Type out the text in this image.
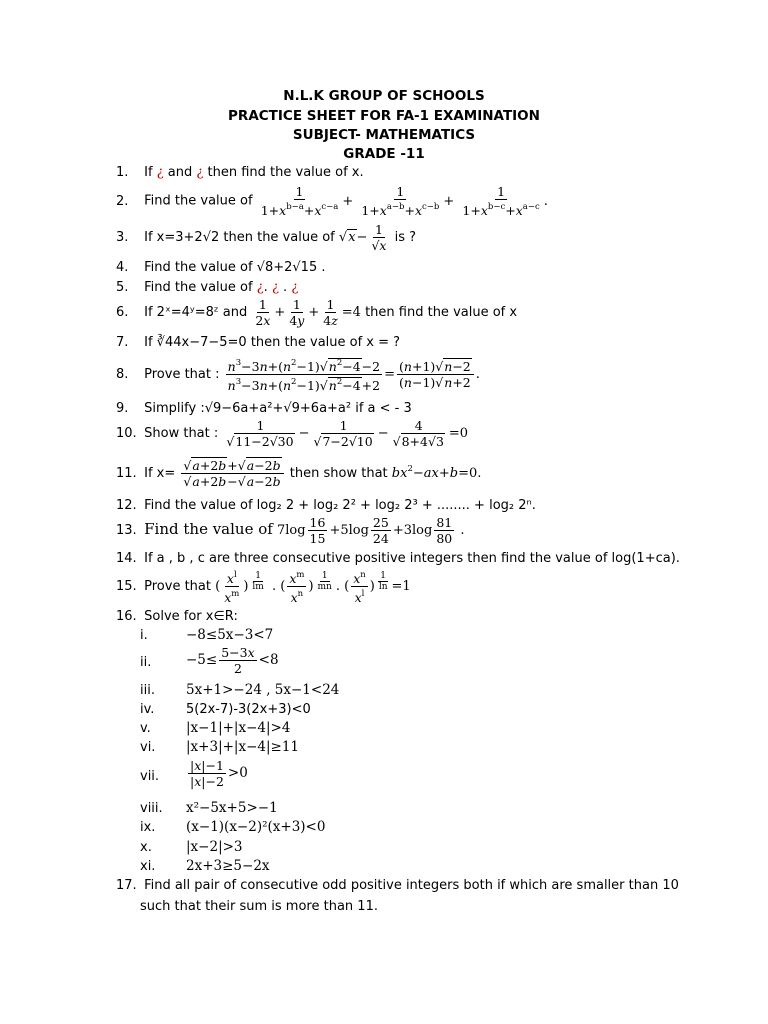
N.L.K GROUP OF SCHOOLS
PRACTICE SHEET FOR FA-1 EXAMINATION
SUBJECT- MATHEMATICS
GRADE -11
1. If ¿ and ¿ then find the value of x.
2. Find the value of $\frac{1}{1+x^{b-a}+x^{c-a}} + \frac{1}{1+x^{a-b}+x^{c-b}} + \frac{1}{1+x^{b-c}+x^{a-c}}$ .
3. If x=3+2√2 then the value of $√x- \frac{1}{√x}$ is ?
4. Find the value of √8+2√15 .
5. Find the value of ¿. ¿ . ¿
6. If 2ˣ=4ʸ=8ᶻ and $\frac{1}{2x} + \frac{1}{4y} + \frac{1}{4z} =4$ then find the value of x
7. If ∛44x−7−5=0 then the value of x = ?
8. Prove that : $\frac{n^3-3n+(n^2-1)√n^2-4-2}{n^3-3n+(n^2-1)√n^2-4+2} = \frac{(n+1)√n-2}{(n-1)√n+2}$ .
9. Simplify :√9−6a+a²+√9+6a+a² if a < - 3
10. Show that : $\frac{1}{√11-2√30} - \frac{1}{√7-2√10} - \frac{4}{√8+4√3} =0$
11. If $x= \frac{√a+2b+√a-2b}{√a+2b-√a-2b}$ then show that $bx^2-ax+b=0$.
12. Find the value of log₂ 2 + log₂ 2² + log₂ 2³ + ........ + log₂ 2ⁿ.
13. Find the value of $7\log \frac{16}{15} +5\log \frac{25}{24} +3\log \frac{81}{80}$ .
14. If a , b , c are three consecutive positive integers then find the value of log(1+ca).
15. Prove that ( $\frac{x^l}{x^m}$ ) $^{\frac{1}{lm}}$ . ( $\frac{x^m}{x^n}$ ) $^{\frac{1}{mn}}$ . ( $\frac{x^n}{x^l}$ ) $^{\frac{1}{\ln}}$ =1
16. Solve for x∈R:
i.	−8≤5x−3<7
ii.	$-5\le \frac{5-3x}{2} <8$
iii. 5x+1>−24 , 5x−1<24
iv. 5(2x-7)-3(2x+3)<0
v.	|x−1|+|x−4|>4
vi. |x+3|+|x−4|≥11
vii. $\frac{|x|-1}{|x|-2} >0$
viii. x²−5x+5>−1
ix. (x−1)(x−2)²(x+3)<0
x.	|x−2|>3
xi. 2x+3≥5−2x
17. Find all pair of consecutive odd positive integers both if which are smaller than 10
such that their sum is more than 11.
